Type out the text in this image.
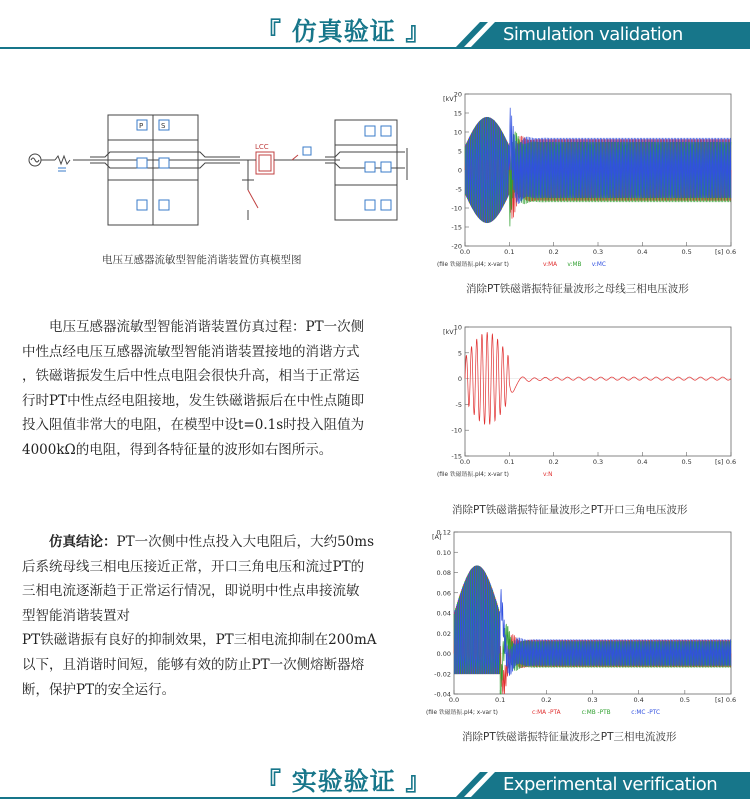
『 仿真验证 』	Simulation validation
P	S
LCC
电压互感器流敏型智能消谐装置仿真模型图

　　电压互感器流敏型智能消谐装置仿真过程：PT一次侧

中性点经电压互感器流敏型智能消谐装置接地的消谐方式

，铁磁谐振发生后中性点电阻会很快升高，相当于正常运

行时PT中性点经电阻接地，发生铁磁谐振后在中性点随即

投入阻值非常大的电阻，在模型中设t=0.1s时投入阻值为

4000kΩ的电阻，得到各特征量的波形如右图所示。

　　仿真结论：PT一次侧中性点投入大电阻后，大约50ms

后系统母线三相电压接近正常，开口三角电压和流过PT的

三相电流逐渐趋于正常运行情况，即说明中性点串接流敏

型智能消谐装置对

PT铁磁谐振有良好的抑制效果，PT三相电流抑制在200mA

以下，且消谐时间短，能够有效的防止PT一次侧熔断器熔

断，保护PT的安全运行。

-20
-15
-10
-5
0
5
10
15
20
0.0	0.1	0.2	0.3	0.4	0.5	0.6
[kV]
[s]
(file 铁磁谐振.pl4; x-var t)	v:MA v:MB v:MC
消除PT铁磁谐振特征量波形之母线三相电压波形
-15
-10
-5
0
5
10
0.0	0.1	0.2	0.3	0.4	0.5	0.6
[kV]
[s]
(file 铁磁谐振.pl4; x-var t)	v:N
消除PT铁磁谐振特征量波形之PT开口三角电压波形
-0.04
-0.02
0.00
0.02
0.04
0.06
0.08
0.10
0.12
0.0	0.1	0.2	0.3	0.4	0.5	0.6
[A]
[s]
(file 铁磁谐振.pl4; x-var t)	c:MA -PTA	c:MB -PTB	c:MC -PTC
消除PT铁磁谐振特征量波形之PT三相电流波形
『 实验验证 』	Experimental verification
